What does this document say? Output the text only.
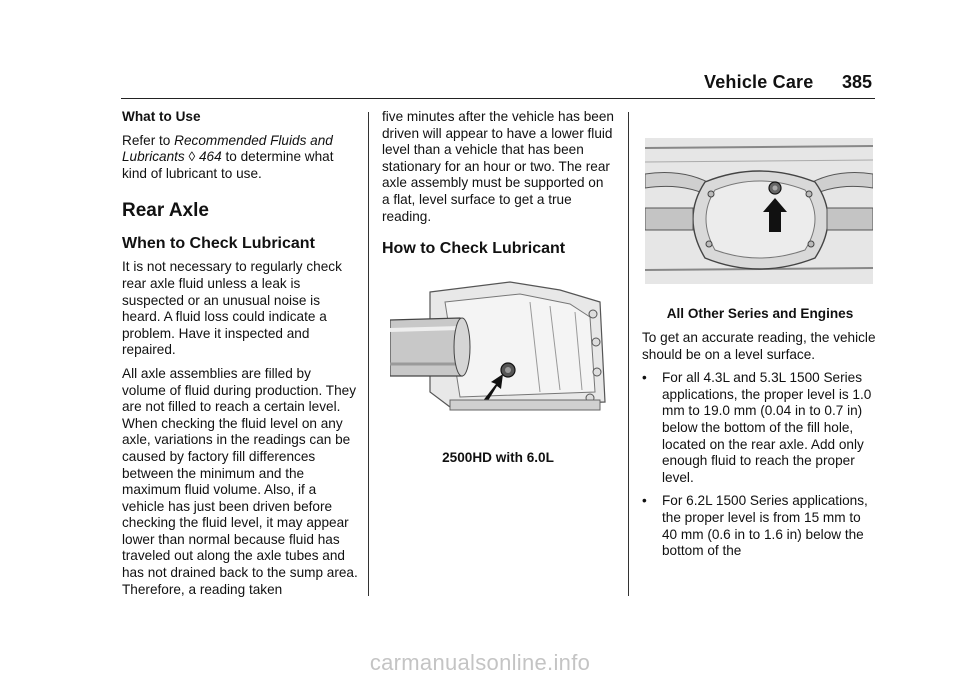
Vehicle Care 385
What to Use

Refer to Recommended Fluids and Lubricants ◊ 464 to determine what kind of lubricant to use.

Rear Axle
When to Check Lubricant

It is not necessary to regularly check rear axle fluid unless a leak is suspected or an unusual noise is heard. A fluid loss could indicate a problem. Have it inspected and repaired.

All axle assemblies are filled by volume of fluid during production. They are not filled to reach a certain level. When checking the fluid level on any axle, variations in the readings can be caused by factory fill differences between the minimum and the maximum fluid volume. Also, if a vehicle has just been driven before checking the fluid level, it may appear lower than normal because fluid has traveled out along the axle tubes and has not drained back to the sump area. Therefore, a reading taken

five minutes after the vehicle has been driven will appear to have a lower fluid level than a vehicle that has been stationary for an hour or two. The rear axle assembly must be supported on a flat, level surface to get a true reading.

How to Check Lubricant
2500HD with 6.0L
All Other Series and Engines

To get an accurate reading, the vehicle should be on a level surface.

• For all 4.3L and 5.3L 1500 Series applications, the proper level is 1.0 mm to 19.0 mm (0.04 in to 0.7 in) below the bottom of the fill hole, located on the rear axle. Add only enough fluid to reach the proper level.
• For 6.2L 1500 Series applications, the proper level is from 15 mm to 40 mm (0.6 in to 1.6 in) below the bottom of the
carmanualsonline.info
